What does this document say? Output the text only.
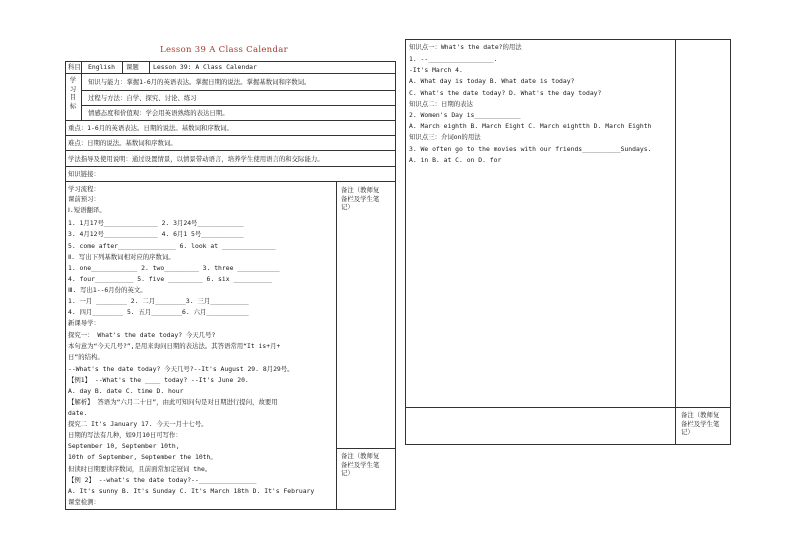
Lesson 39 A Class Calendar
科目 English 课题 Lesson 39: A Class Calendar
学习目标
知识与能力：掌握1-6月的英语表达。掌握日期的说法。掌握基数词和序数词。
过程与方法：自学、探究、讨论、练习
情感态度和价值观：学会用英语熟练的表达日期。
重点：1-6月的英语表达。日期的说法。基数词和序数词。
难点：日期的说法。基数词和序数词。
学法指导及使用说明：通过设置情景，以情景带动语言，培养学生使用语言的和交际能力。
知识链接：
学习流程：
课前预习：
Ⅰ.短语翻译。
1. 1月17号______________ 2. 3月24号____________
3. 4月12号______________ 4. 6月1 5号___________
5. come after_______________ 6. look at ______________
Ⅱ. 写出下列基数词相对应的序数词。
1. one____________ 2. two_________ 3. three ___________
4. four__________ 5. five _________ 6. six __________
Ⅲ. 写出1--6月份的英文。
1. 一月 ________ 2. 二月________3. 三月__________
4. 四月________ 5. 五月________6. 六月___________
新课导学：
探究一： What's the date today? 今天几号?
本句意为“今天几号?”,是用来询问日期的表达法。其答语常用“It is+月+
日”的结构。
--What's the date today? 今天几号?--It's August 29. 8月29号。
【例1】 --What's the ____ today? --It's June 20.
A. day B. date C. time D. hour
【解析】 答语为“六月二十日”，由此可知问句是对日期进行提问，故要用
date.
探究二 It's January 17. 今天一月十七号。
日期的写法有几种，如9月10日可写作：
September 10, September 10th,
10th of September, September the 10th。
但读时日期要读序数词，且前面常加定冠词 the。
【例 2】 --what's the date today?--_______________
A. It's sunny B. It's Sunday C. It's March 18th D. It's February
课堂检测：
备注（教师复备栏及学生笔记）
备注（教师复备栏及学生笔记）
知识点一：What's the date?的用法
1. --_________________.
-It's March 4.
A. What day is today B. What date is today?
C. What's the date today? D. What's the day today?
知识点二：日期的表达
2. Women's Day is____________
A. March eighth B. March Eight C. March eightth D. March Eighth
知识点三：介词on的用法
3. We often go to the movies with our friends__________Sundays.
A. in B. at C. on D. for
备注（教师复备栏及学生笔记）
